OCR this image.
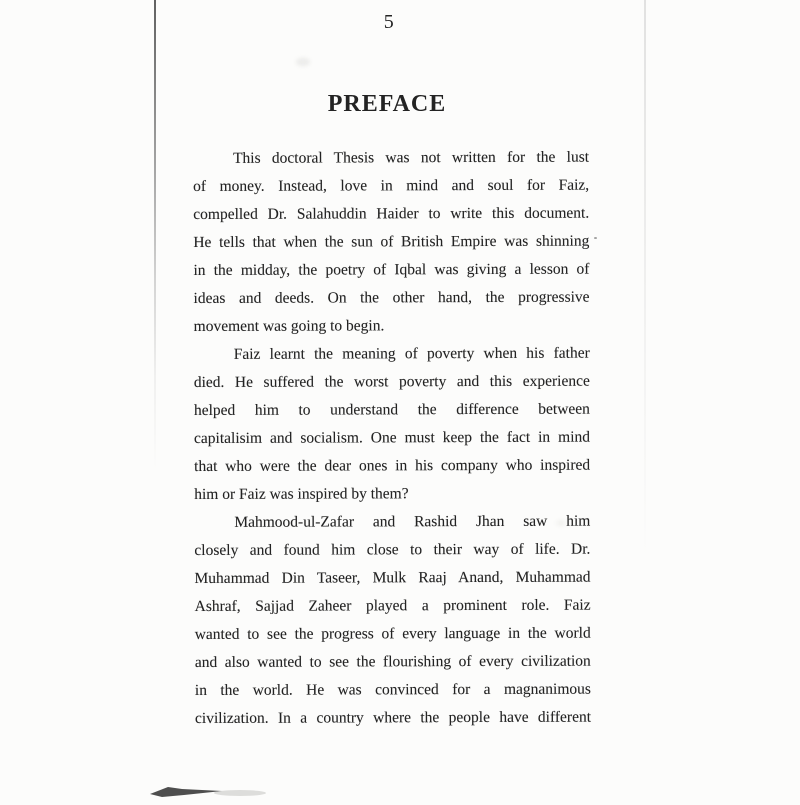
5
PREFACE

This doctoral Thesis was not written for the lust
of money. Instead, love in mind and soul for Faiz,
compelled Dr. Salahuddin Haider to write this document.
He tells that when the sun of British Empire was shinning
in the midday, the poetry of Iqbal was giving a lesson of
ideas and deeds. On the other hand, the progressive
movement was going to begin.

Faiz learnt the meaning of poverty when his father
died. He suffered the worst poverty and this experience
helped him to understand the difference between
capitalisim and socialism. One must keep the fact in mind
that who were the dear ones in his company who inspired
him or Faiz was inspired by them?

Mahmood-ul-Zafar and Rashid Jhan saw him
closely and found him close to their way of life. Dr.
Muhammad Din Taseer, Mulk Raaj Anand, Muhammad
Ashraf, Sajjad Zaheer played a prominent role. Faiz
wanted to see the progress of every language in the world
and also wanted to see the flourishing of every civilization
in the world. He was convinced for a magnanimous
civilization. In a country where the people have different
